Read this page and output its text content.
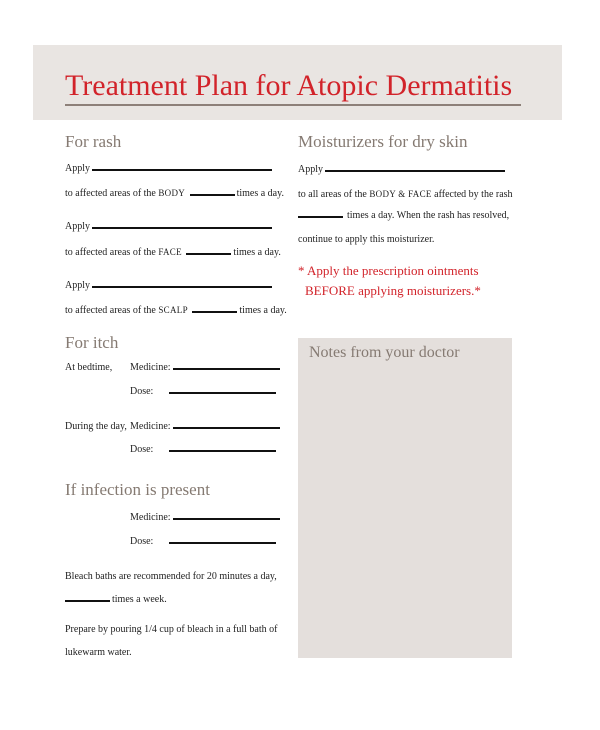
Treatment Plan for Atopic Dermatitis
For rash
Apply
to affected areas of the BODY	times a day.
Apply
to affected areas of the FACE	times a day.
Apply
to affected areas of the SCALP	times a day.
For itch
At bedtime, Medicine:
Dose:
During the day, Medicine:
Dose:
If infection is present
Medicine:
Dose:
Bleach baths are recommended for 20 minutes a day,
times a week.
Prepare by pouring 1/4 cup of bleach in a full bath of
lukewarm water.
Moisturizers for dry skin
Apply
to all areas of the BODY & FACE affected by the rash
times a day. When the rash has resolved,
continue to apply this moisturizer.
* Apply the prescription ointments
BEFORE applying moisturizers.*
Notes from your doctor
